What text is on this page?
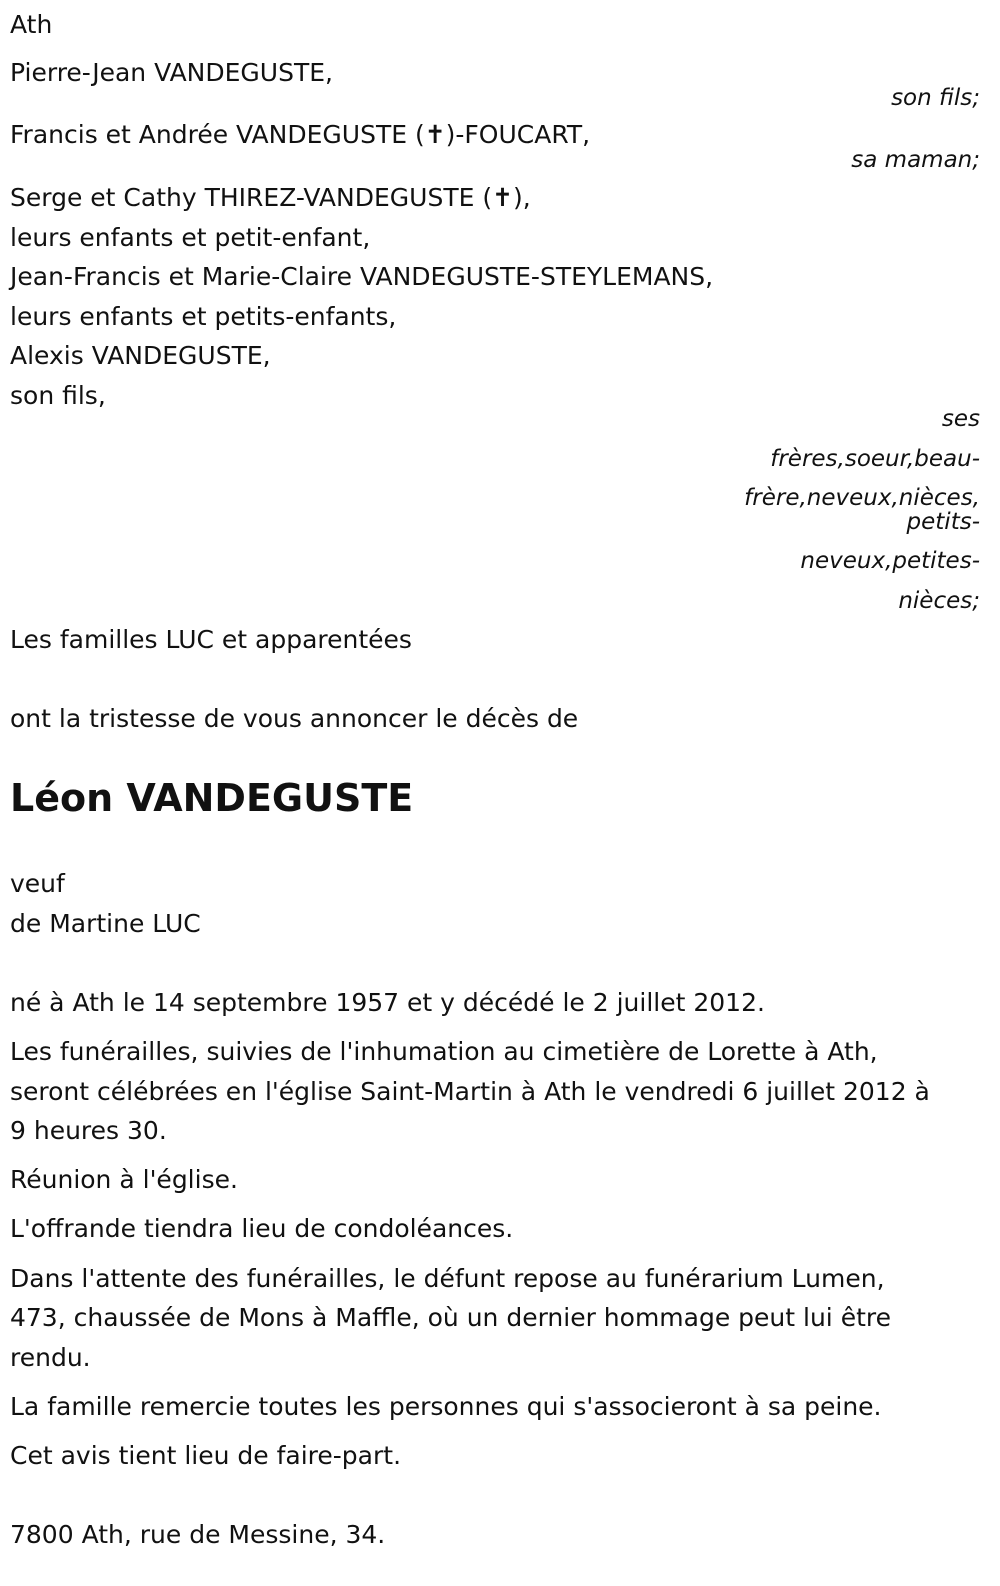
Ath
Pierre-Jean VANDEGUSTE,
son fils;
Francis et Andrée VANDEGUSTE (✝)-FOUCART,
sa maman;
Serge et Cathy THIREZ-VANDEGUSTE (✝),
leurs enfants et petit-enfant,
Jean-Francis et Marie-Claire VANDEGUSTE-STEYLEMANS,
leurs enfants et petits-enfants,
Alexis VANDEGUSTE,
son fils,
ses
frères,soeur,beau-
frère,neveux,nièces,
petits-
neveux,petites-
nièces;
Les familles LUC et apparentées
ont la tristesse de vous annoncer le décès de
Léon VANDEGUSTE
veuf
de Martine LUC
né à Ath le 14 septembre 1957 et y décédé le 2 juillet 2012.
Les funérailles, suivies de l'inhumation au cimetière de Lorette à Ath,
seront célébrées en l'église Saint-Martin à Ath le vendredi 6 juillet 2012 à
9 heures 30.
Réunion à l'église.
L'offrande tiendra lieu de condoléances.
Dans l'attente des funérailles, le défunt repose au funérarium Lumen,
473, chaussée de Mons à Maffle, où un dernier hommage peut lui être
rendu.
La famille remercie toutes les personnes qui s'associeront à sa peine.
Cet avis tient lieu de faire-part.
7800 Ath, rue de Messine, 34.
